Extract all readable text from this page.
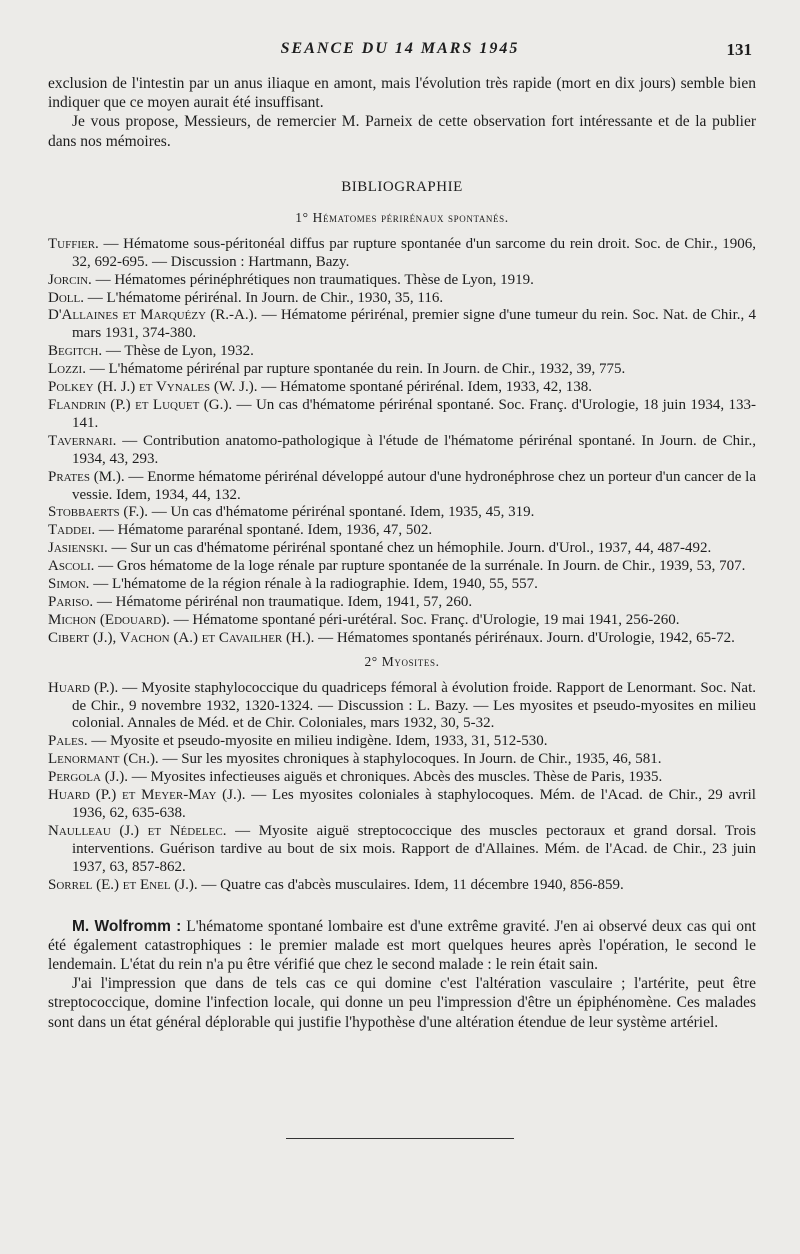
SEANCE DU 14 MARS 1945	131

exclusion de l'intestin par un anus iliaque en amont, mais l'évolution très rapide (mort en dix jours) semble bien indiquer que ce moyen aurait été insuffisant.

Je vous propose, Messieurs, de remercier M. Parneix de cette observation fort intéressante et de la publier dans nos mémoires.

BIBLIOGRAPHIE
1° Hématomes périrénaux spontanés.
Tuffier. — Hématome sous-péritonéal diffus par rupture spontanée d'un sarcome du rein droit. Soc. de Chir., 1906, 32, 692-695. — Discussion : Hartmann, Bazy.
Jorcin. — Hématomes périnéphrétiques non traumatiques. Thèse de Lyon, 1919.
Doll. — L'hématome périrénal. In Journ. de Chir., 1930, 35, 116.
D'Allaines et Marquézy (R.-A.). — Hématome périrénal, premier signe d'une tumeur du rein. Soc. Nat. de Chir., 4 mars 1931, 374-380.
Begitch. — Thèse de Lyon, 1932.
Lozzi. — L'hématome périrénal par rupture spontanée du rein. In Journ. de Chir., 1932, 39, 775.
Polkey (H. J.) et Vynales (W. J.). — Hématome spontané périrénal. Idem, 1933, 42, 138.
Flandrin (P.) et Luquet (G.). — Un cas d'hématome périrénal spontané. Soc. Franç. d'Urologie, 18 juin 1934, 133-141.
Tavernari. — Contribution anatomo-pathologique à l'étude de l'hématome périrénal spontané. In Journ. de Chir., 1934, 43, 293.
Prates (M.). — Enorme hématome périrénal développé autour d'une hydronéphrose chez un porteur d'un cancer de la vessie. Idem, 1934, 44, 132.
Stobbaerts (F.). — Un cas d'hématome périrénal spontané. Idem, 1935, 45, 319.
Taddei. — Hématome pararénal spontané. Idem, 1936, 47, 502.
Jasienski. — Sur un cas d'hématome périrénal spontané chez un hémophile. Journ. d'Urol., 1937, 44, 487-492.
Ascoli. — Gros hématome de la loge rénale par rupture spontanée de la surrénale. In Journ. de Chir., 1939, 53, 707.
Simon. — L'hématome de la région rénale à la radiographie. Idem, 1940, 55, 557.
Pariso. — Hématome périrénal non traumatique. Idem, 1941, 57, 260.
Michon (Edouard). — Hématome spontané péri-urétéral. Soc. Franç. d'Urologie, 19 mai 1941, 256-260.
Cibert (J.), Vachon (A.) et Cavailher (H.). — Hématomes spontanés périrénaux. Journ. d'Urologie, 1942, 65-72.
2° Myosites.
Huard (P.). — Myosite staphylococcique du quadriceps fémoral à évolution froide. Rapport de Lenormant. Soc. Nat. de Chir., 9 novembre 1932, 1320-1324. — Discussion : L. Bazy. — Les myosites et pseudo-myosites en milieu colonial. Annales de Méd. et de Chir. Coloniales, mars 1932, 30, 5-32.
Pales. — Myosite et pseudo-myosite en milieu indigène. Idem, 1933, 31, 512-530.
Lenormant (Ch.). — Sur les myosites chroniques à staphylocoques. In Journ. de Chir., 1935, 46, 581.
Pergola (J.). — Myosites infectieuses aiguës et chroniques. Abcès des muscles. Thèse de Paris, 1935.
Huard (P.) et Meyer-May (J.). — Les myosites coloniales à staphylocoques. Mém. de l'Acad. de Chir., 29 avril 1936, 62, 635-638.
Naulleau (J.) et Nédelec. — Myosite aiguë streptococcique des muscles pectoraux et grand dorsal. Trois interventions. Guérison tardive au bout de six mois. Rapport de d'Allaines. Mém. de l'Acad. de Chir., 23 juin 1937, 63, 857-862.
Sorrel (E.) et Enel (J.). — Quatre cas d'abcès musculaires. Idem, 11 décembre 1940, 856-859.

M. Wolfromm : L'hématome spontané lombaire est d'une extrême gravité. J'en ai observé deux cas qui ont été également catastrophiques : le premier malade est mort quelques heures après l'opération, le second le lendemain. L'état du rein n'a pu être vérifié que chez le second malade : le rein était sain.

J'ai l'impression que dans de tels cas ce qui domine c'est l'altération vasculaire ; l'artérite, peut être streptococcique, domine l'infection locale, qui donne un peu l'impression d'être un épiphénomène. Ces malades sont dans un état général déplorable qui justifie l'hypothèse d'une altération étendue de leur système artériel.
